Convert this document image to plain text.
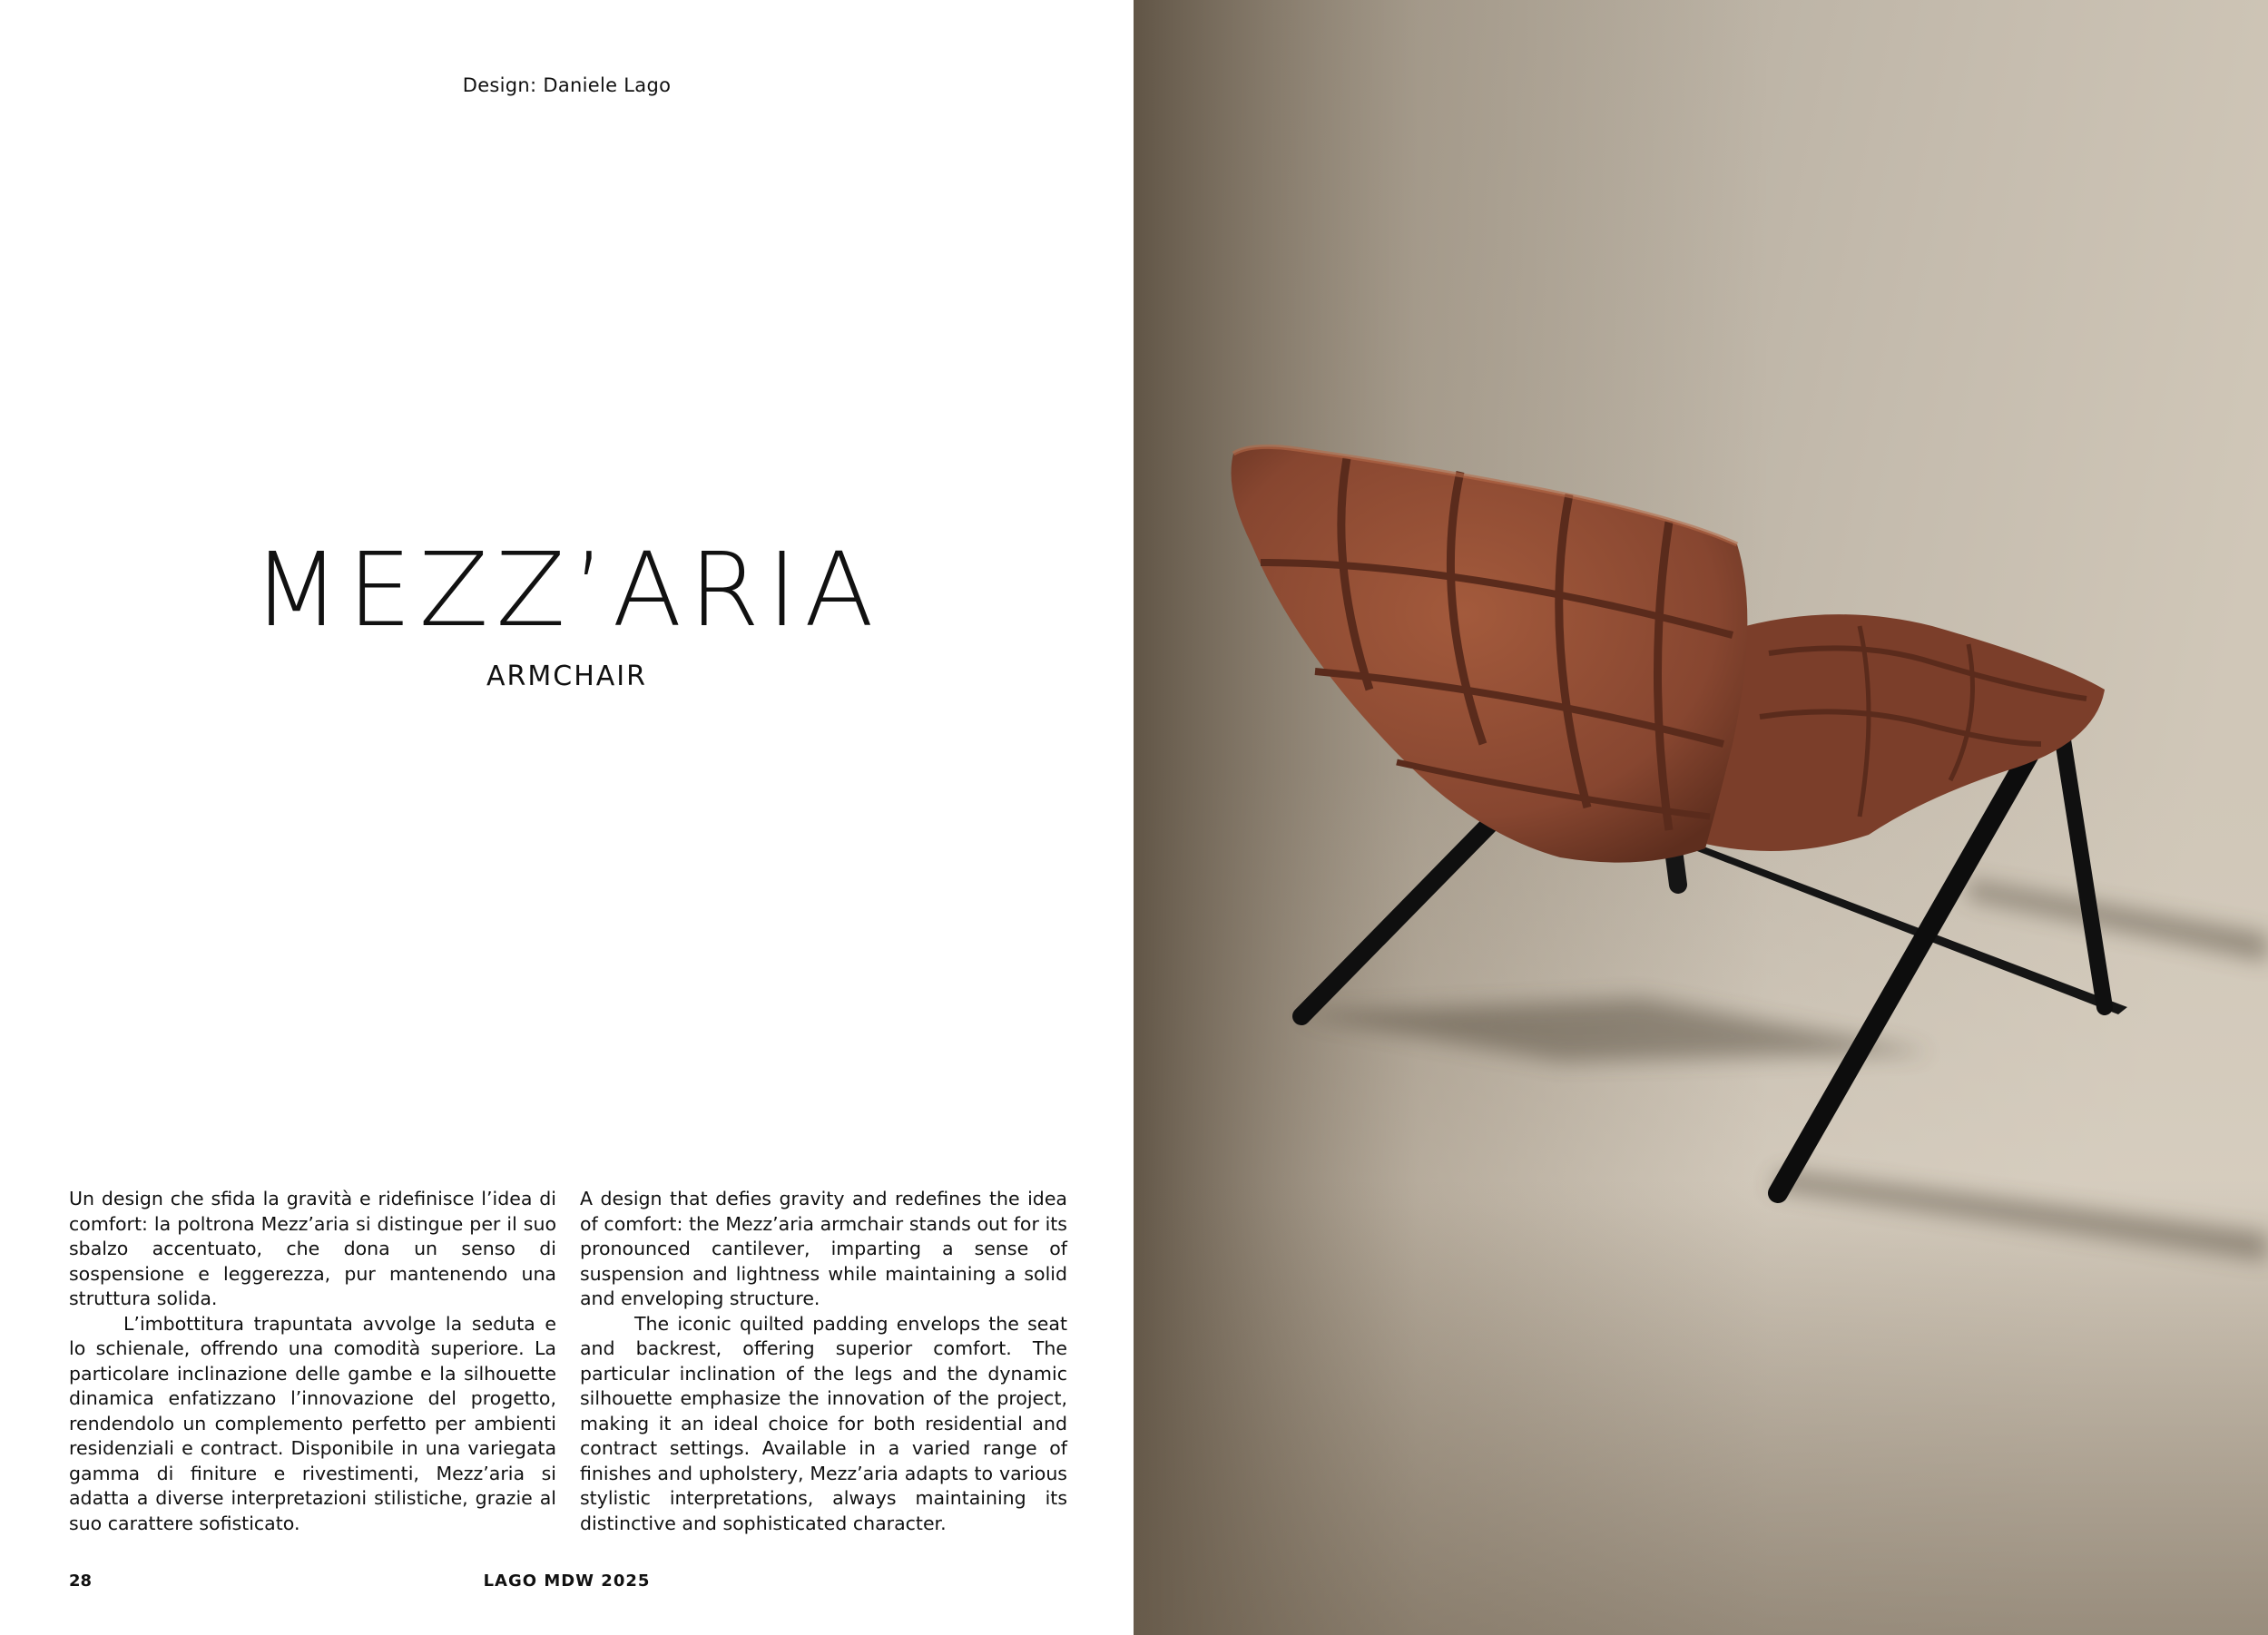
Design: Daniele Lago
MEZZ’ARIA
ARMCHAIR

Un design che sfida la gravità e ridefinisce l’idea di comfort: la poltrona Mezz’aria si distingue per il suo sbalzo accentuato, che dona un senso di sospensione e leggerezza, pur mantenendo una struttura solida.

L’imbottitura trapuntata avvolge la seduta e lo schienale, offrendo una comodità superiore. La particolare inclinazione delle gambe e la silhouette dinamica enfatizzano l’innovazione del progetto, rendendolo un complemento perfetto per ambienti residenziali e contract. Disponibile in una variegata gamma di finiture e rivestimenti, Mezz’aria si adatta a diverse interpretazioni stilistiche, grazie al suo carattere sofisticato.

A design that defies gravity and redefines the idea of comfort: the Mezz’aria armchair stands out for its pronounced cantilever, imparting a sense of suspension and lightness while maintaining a solid and enveloping structure.

The iconic quilted padding envelops the seat and backrest, offering superior comfort. The particular inclination of the legs and the dynamic silhouette emphasize the innovation of the project, making it an ideal choice for both residential and contract settings. Available in a varied range of finishes and upholstery, Mezz’aria adapts to various stylistic interpretations, always maintaining its distinctive and sophisticated character.

28	LAGO MDW 2025
